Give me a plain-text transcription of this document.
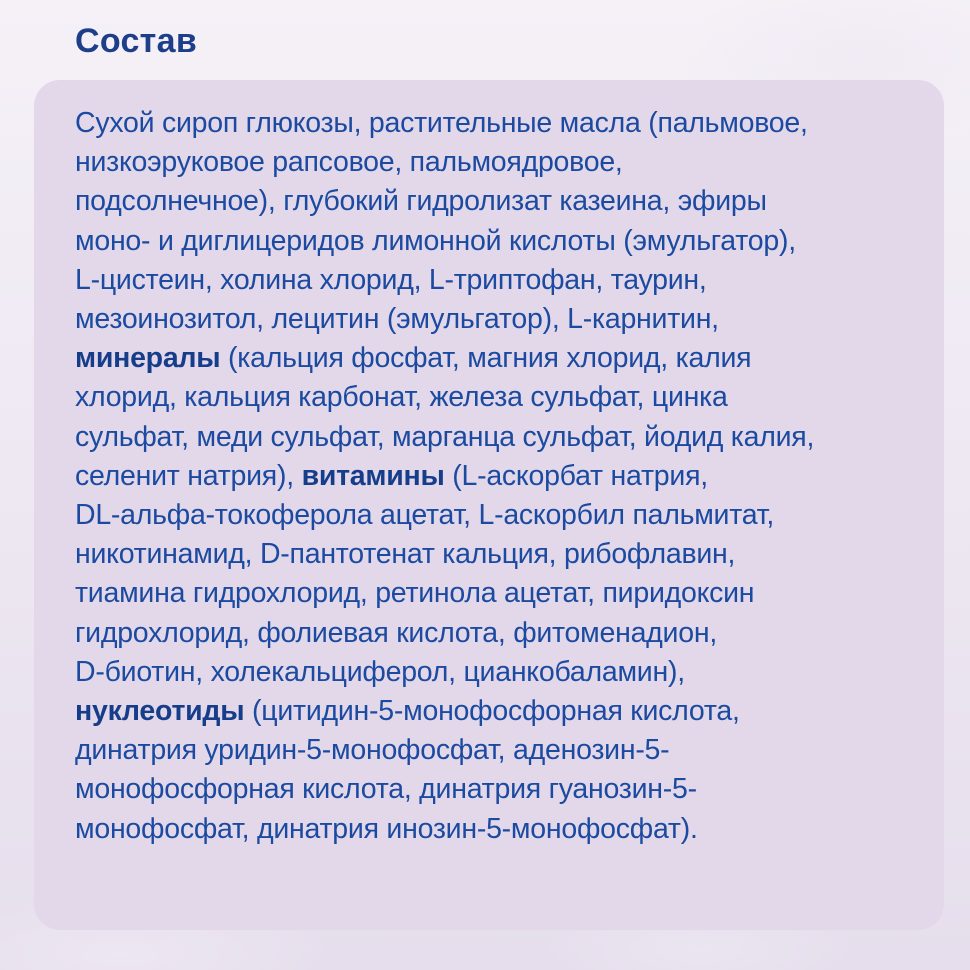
Состав

Сухой сироп глюкозы, растительные масла (пальмовое,
низкоэруковое рапсовое, пальмоядровое,
подсолнечное), глубокий гидролизат казеина, эфиры
моно- и диглицеридов лимонной кислоты (эмульгатор),
L-цистеин, холина хлорид, L-триптофан, таурин,
мезоинозитол, лецитин (эмульгатор), L-карнитин,
минералы (кальция фосфат, магния хлорид, калия
хлорид, кальция карбонат, железа сульфат, цинка
сульфат, меди сульфат, марганца сульфат, йодид калия,
селенит натрия), витамины (L-аскорбат натрия,
DL-альфа-токоферола ацетат, L-аскорбил пальмитат,
никотинамид, D-пантотенат кальция, рибофлавин,
тиамина гидрохлорид, ретинола ацетат, пиридоксин
гидрохлорид, фолиевая кислота, фитоменадион,
D-биотин, холекальциферол, цианкобаламин),
нуклеотиды (цитидин-5-монофосфорная кислота,
динатрия уридин-5-монофосфат, аденозин-5-
монофосфорная кислота, динатрия гуанозин-5-
монофосфат, динатрия инозин-5-монофосфат).
